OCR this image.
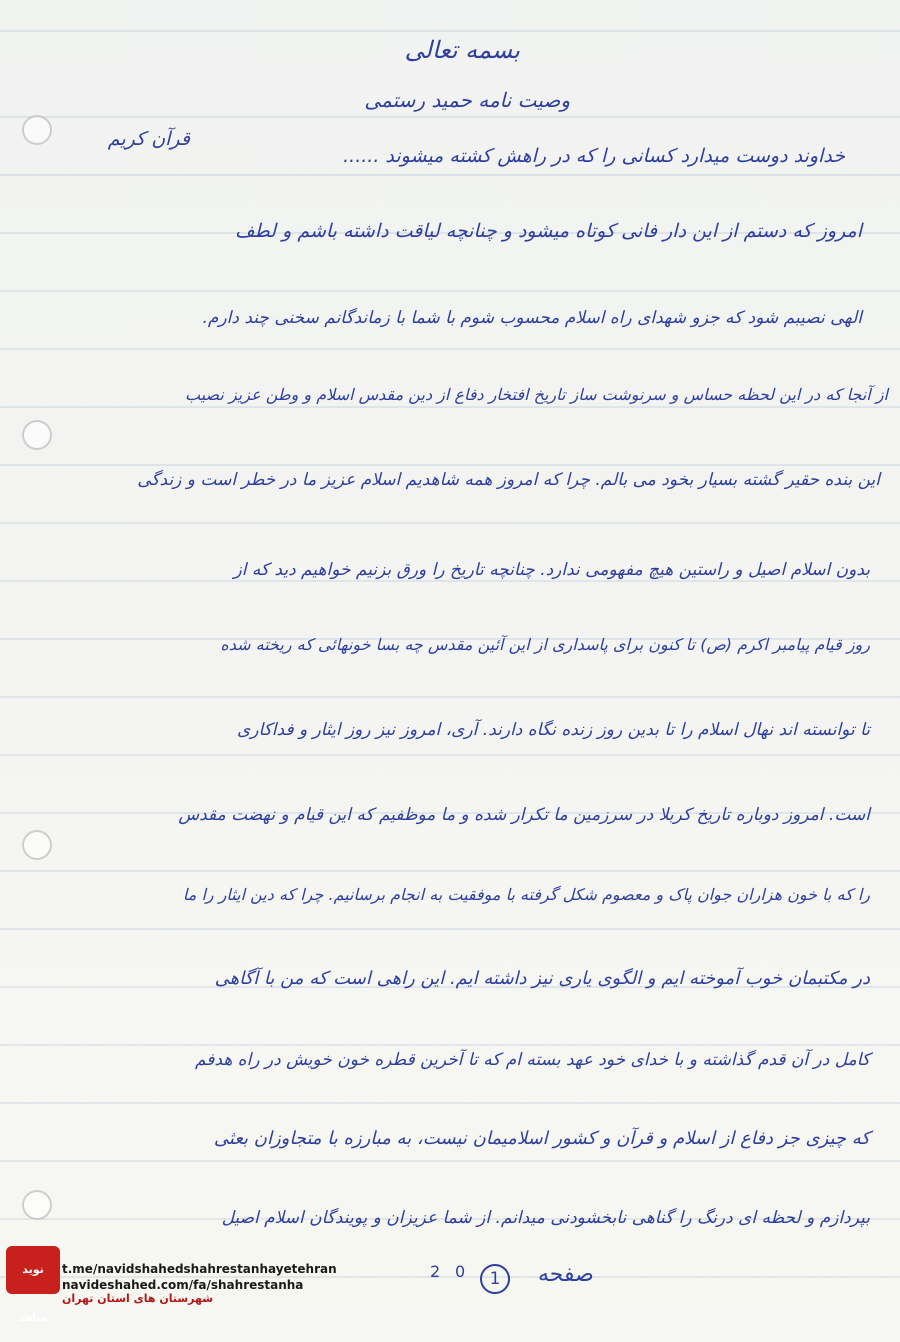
بسمه تعالی
وصیت نامه حمید رستمی
قرآن کریم
خداوند دوست میدارد کسانی را که در راهش کشته میشوند ......
امروز که دستم از این دار فانی کوتاه میشود و چنانچه لیاقت داشته باشم و لطف
الهی نصیبم شود که جزو شهدای راه اسلام محسوب شوم با شما با زماندگانم سخنی چند دارم.
از آنجا که در این لحظه حساس و سرنوشت ساز تاریخ افتخار دفاع از دین مقدس اسلام و وطن عزیز نصیب
این بنده حقیر گشته بسیار بخود می بالم. چرا که امروز همه شاهدیم اسلام عزیز ما در خطر است و زندگی
بدون اسلام اصیل و راستین هیچ مفهومی ندارد. چنانچه تاریخ را ورق بزنیم خواهیم دید که از
روز قیام پیامبر اکرم (ص) تا کنون برای پاسداری از این آئین مقدس چه بسا خونهائی که ریخته شده
تا توانسته اند نهال اسلام را تا بدین روز زنده نگاه دارند. آری، امروز نیز روز ایثار و فداکاری
است. امروز دوباره تاریخ کربلا در سرزمین ما تکرار شده و ما موظفیم که این قیام و نهضت مقدس
را که با خون هزاران جوان پاک و معصوم شکل گرفته با موفقیت به انجام برسانیم. چرا که دین ایثار را ما
در مکتبمان خوب آموخته ایم و الگوی یاری نیز داشته ایم. این راهی است که من با آگاهی
کامل در آن قدم گذاشته و با خدای خود عهد بسته ام که تا آخرین قطره خون خویش در راه هدفم
که چیزی جز دفاع از اسلام و قرآن و کشور اسلامیمان نیست، به مبارزه با متجاوزان بعثی
بپردازم و لحظه ای درنگ را گناهی نابخشودنی میدانم. از شما عزیزان و پویندگان اسلام اصیل
صفحه
1
2 0
نوید شاهد
t.me/navidshahedshahrestanhayetehran
navideshahed.com/fa/shahrestanha
شهرستان های استان تهران
